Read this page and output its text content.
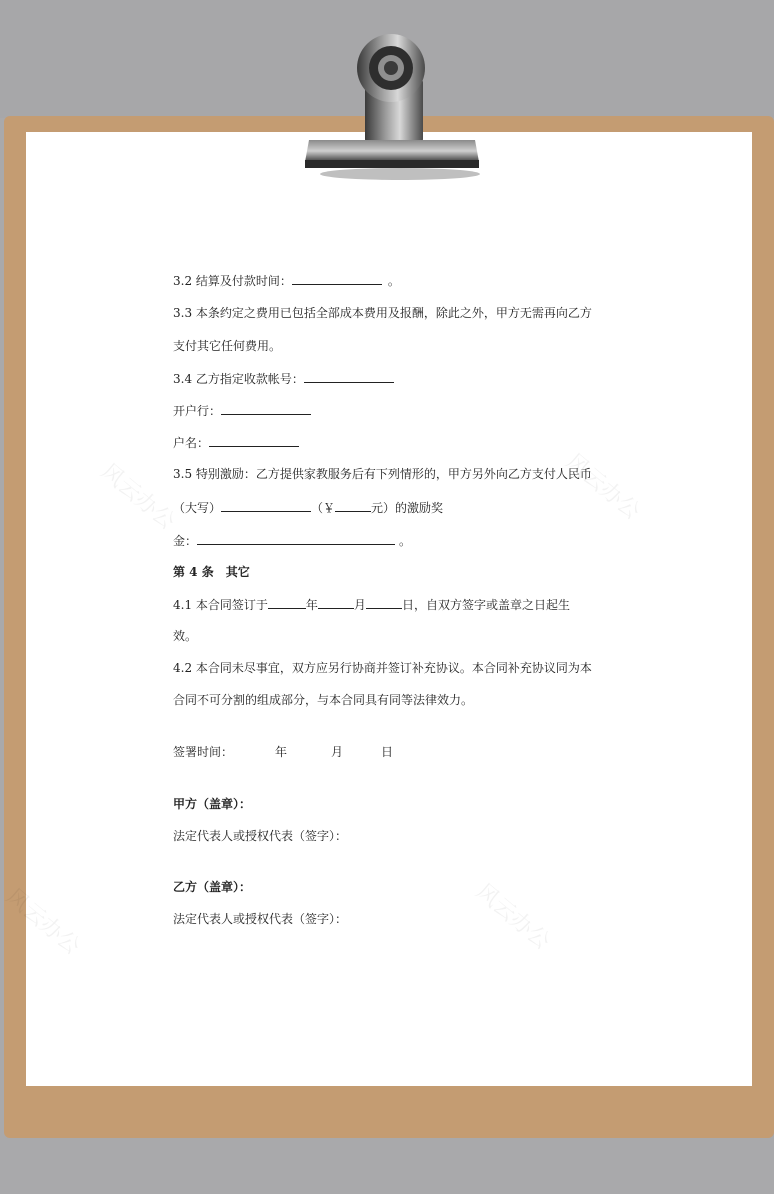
风云办公	风云办公
风云办公	风云办公
3.2 结算及付款时间：	。
3.3 本条约定之费用已包括全部成本费用及报酬，除此之外，甲方无需再向乙方
支付其它任何费用。
3.4 乙方指定收款帐号：
开户行：
户名：
3.5 特别激励：乙方提供家教服务后有下列情形的，甲方另外向乙方支付人民币
（大写）	（￥	元）的激励奖
金：	。
第 4 条　其它
4.1 本合同签订于	年	月	日，自双方签字或盖章之日起生
效。
4.2 本合同未尽事宜，双方应另行协商并签订补充协议。本合同补充协议同为本
合同不可分割的组成部分，与本合同具有同等法律效力。
签署时间：	年	月	日
甲方（盖章）：
法定代表人或授权代表（签字）：
乙方（盖章）：
法定代表人或授权代表（签字）：
